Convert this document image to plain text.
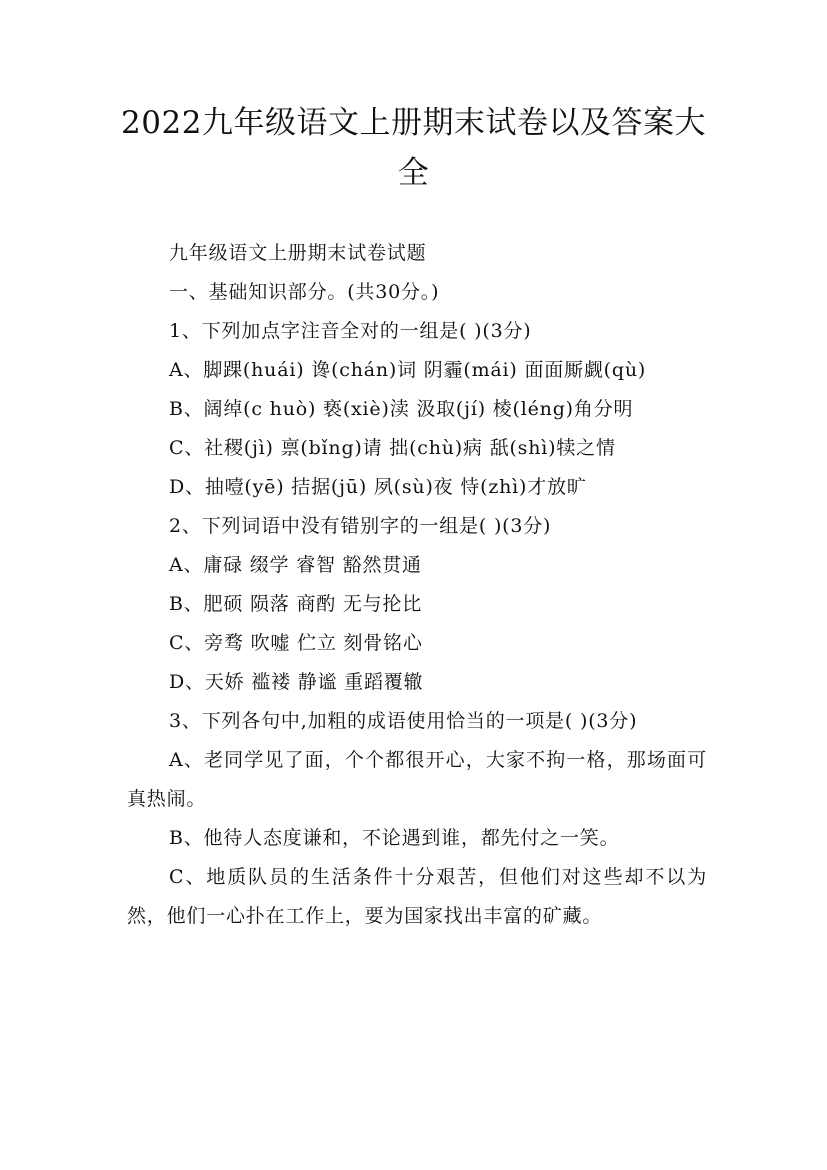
2022九年级语文上册期末试卷以及答案大全

九年级语文上册期末试卷试题

一、基础知识部分。(共30分。)

1、下列加点字注音全对的一组是( )(3分)

A、脚踝(huái) 谗(chán)词 阴霾(mái) 面面厮觑(qù)

B、阔绰(c huò) 亵(xiè)渎 汲取(jí) 棱(léng)角分明

C、社稷(jì) 禀(bǐng)请 拙(chù)病 舐(shì)犊之情

D、抽噎(yē) 拮据(jū) 夙(sù)夜 恃(zhì)才放旷

2、下列词语中没有错别字的一组是( )(3分)

A、庸碌 缀学 睿智 豁然贯通

B、肥硕 陨落 商酌 无与抡比

C、旁骛 吹嘘 伫立 刻骨铭心

D、天娇 褴褛 静谧 重蹈覆辙

3、下列各句中,加粗的成语使用恰当的一项是( )(3分)

A、老同学见了面，个个都很开心，大家不拘一格，那场面可真热闹。

B、他待人态度谦和，不论遇到谁，都先付之一笑。

C、地质队员的生活条件十分艰苦，但他们对这些却不以为然，他们一心扑在工作上，要为国家找出丰富的矿藏。
